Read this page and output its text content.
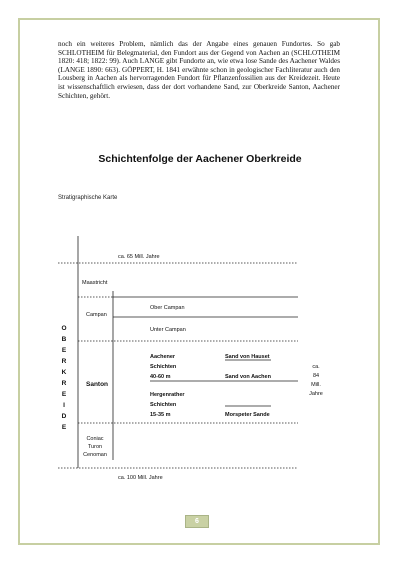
noch ein weiteres Problem, nämlich das der Angabe eines genauen Fundortes. So gab SCHLOTHEIM für Belegmaterial, den Fundort aus der Gegend von Aachen an (SCHLOTHEIM 1820: 418; 1822: 99). Auch LANGE gibt Fundorte an, wie etwa lose Sande des Aachener Waldes (LANGE 1890: 663). GÖPPERT, H. 1841 erwähnte schon in geologischer Fachliteratur auch den Lousberg in Aachen als hervorragenden Fundort für Pflanzenfossilien aus der Kreidezeit. Heute ist wissenschaftlich erwiesen, dass der dort vorhandene Sand, zur Oberkreide Santon, Aachener Schichten, gehört.

Schichtenfolge der Aachener Oberkreide
Stratigraphische Karte
ca. 65 Mill. Jahre
Maastricht
Campan
Ober Campan
Unter Campan
O
B
E
R
K
R
E
I
D
E
Santon
Aachener
Schichten
40-60 m
Sand von Hauset
Sand von Aachen
Hergenrather
Schichten
15-35 m	Morspeter Sande
ca.
84
Mill.
Jahre
Coniac
Turon
Cenoman
ca. 100 Mill. Jahre
6
